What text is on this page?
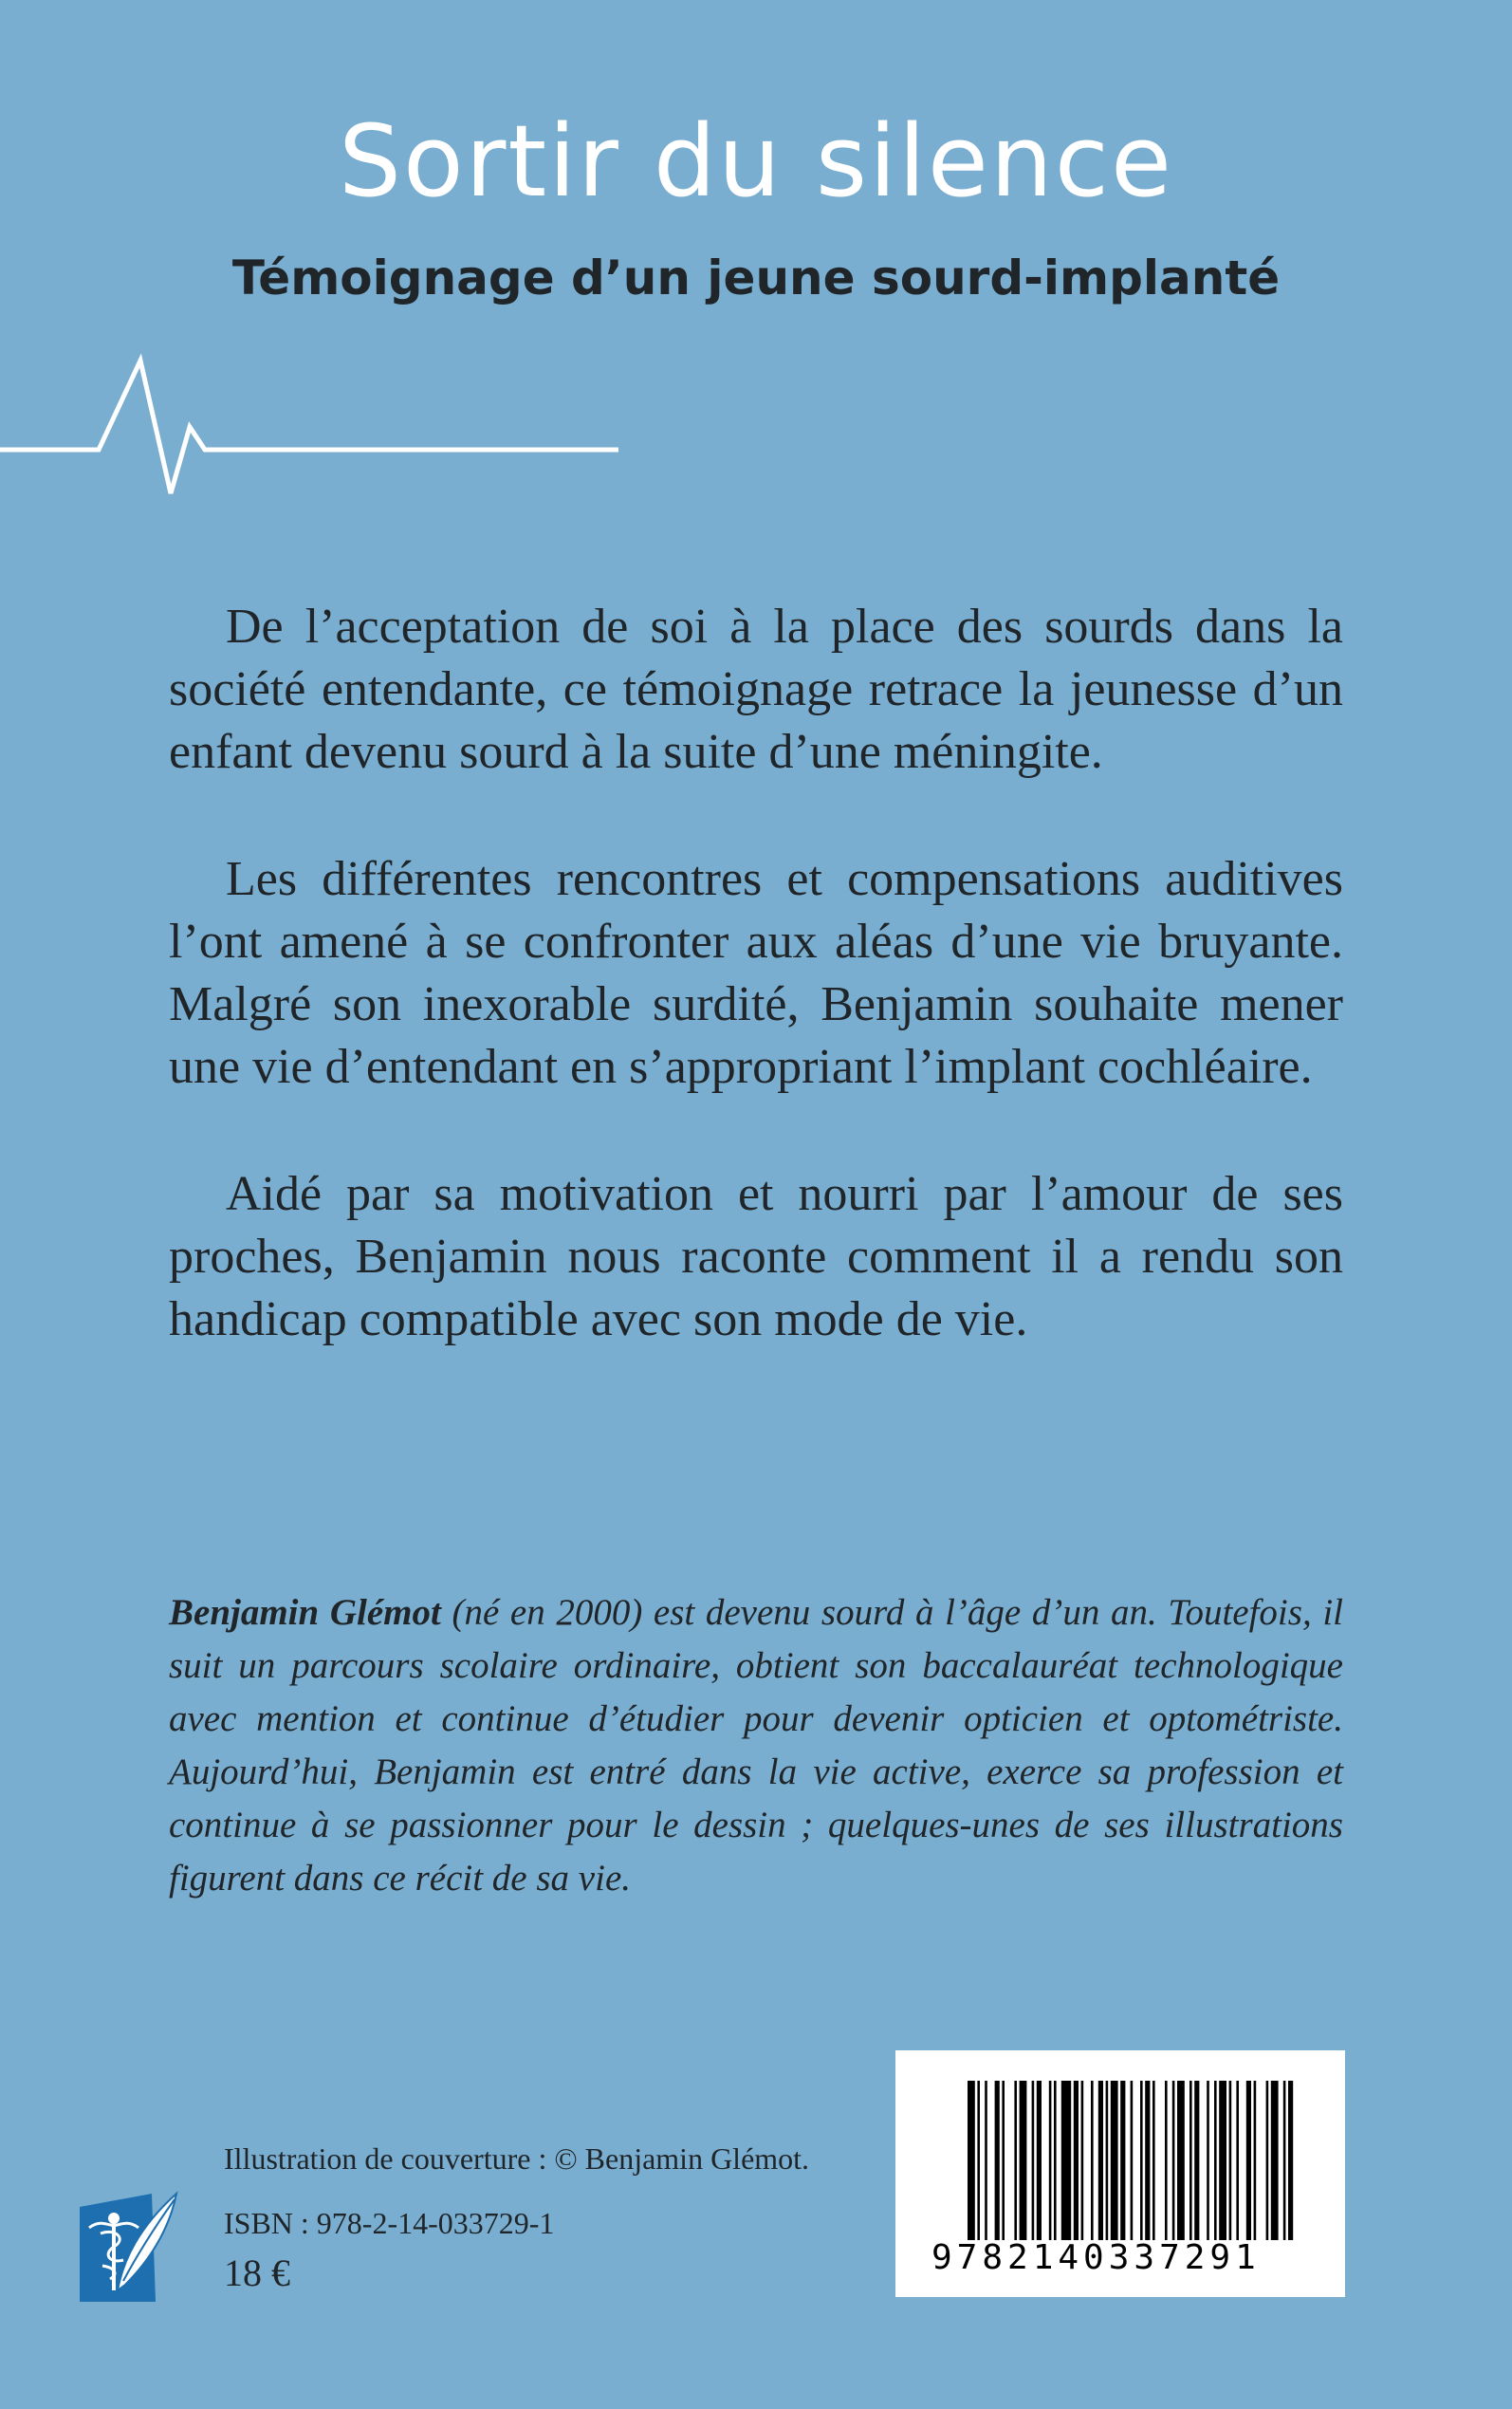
Sortir du silence
Témoignage d’un jeune sourd-implanté

De l’acceptation de soi à la place des sourds dans la société entendante, ce témoignage retrace la jeunesse d’un enfant devenu sourd à la suite d’une méningite.

Les différentes rencontres et compensations auditives l’ont amené à se confronter aux aléas d’une vie bruyante. Malgré son inexorable surdité, Benjamin souhaite mener une vie d’entendant en s’appropriant l’implant cochléaire.

Aidé par sa motivation et nourri par l’amour de ses proches, Benjamin nous raconte comment il a rendu son handicap compatible avec son mode de vie.

Benjamin Glémot (né en 2000) est devenu sourd à l’âge d’un an. Toutefois, il suit un parcours scolaire ordinaire, obtient son baccalauréat technologique avec mention et continue d’étudier pour devenir opticien et optométriste. Aujourd’hui, Benjamin est entré dans la vie active, exerce sa profession et continue à se passionner pour le dessin ; quelques-unes de ses illustrations figurent dans ce récit de sa vie.

Illustration de couverture : © Benjamin Glémot.
ISBN : 978-2-14-033729-1
18 €	9782140337291
